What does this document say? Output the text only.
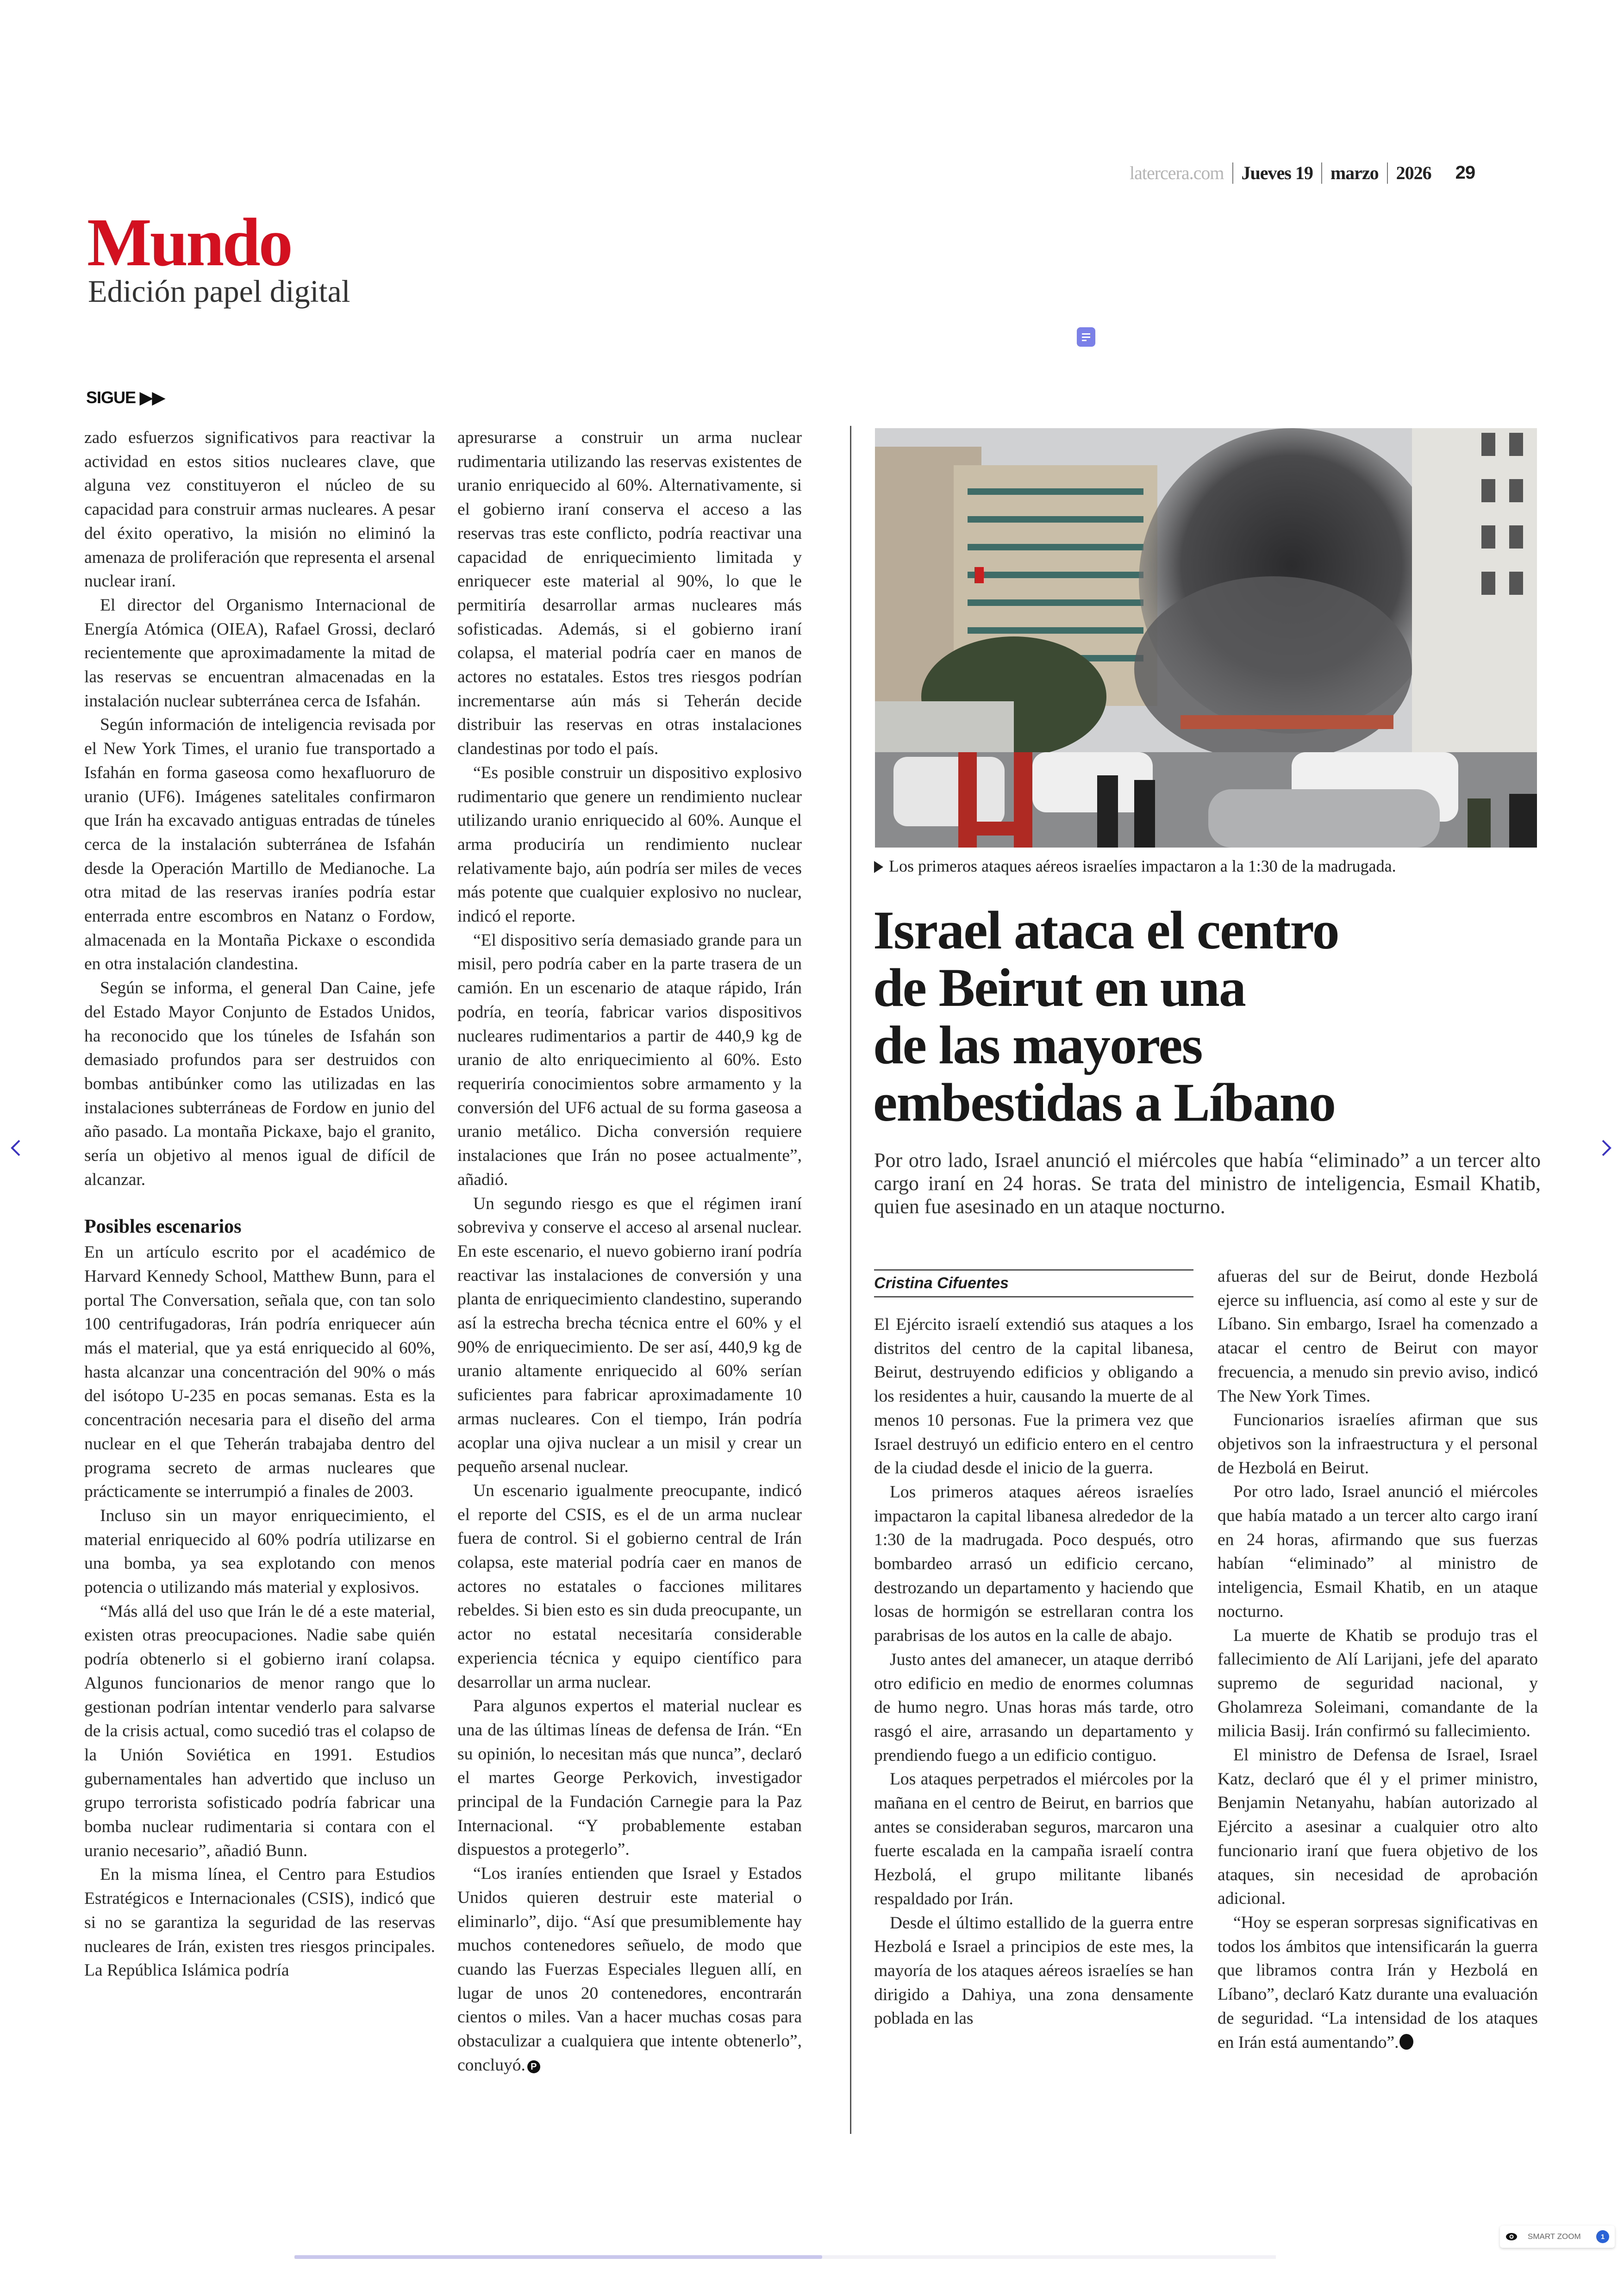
latercera.com Jueves 19 marzo 2026 29
Mundo
Edición papel digital
SIGUE ▶▶

zado esfuerzos significativos para reactivar la actividad en estos sitios nucleares clave, que alguna vez constituyeron el núcleo de su capacidad para construir armas nucleares. A pesar del éxito operativo, la misión no eliminó la amenaza de proliferación que representa el arsenal nuclear iraní.

El director del Organismo Internacional de Energía Atómica (OIEA), Rafael Grossi, declaró recientemente que aproximadamente la mitad de las reservas se encuentran almacenadas en la instalación nuclear subterránea cerca de Isfahán.

Según información de inteligencia revisada por el New York Times, el uranio fue transportado a Isfahán en forma gaseosa como hexafluoruro de uranio (UF6). Imágenes satelitales confirmaron que Irán ha excavado antiguas entradas de túneles cerca de la instalación subterránea de Isfahán desde la Operación Martillo de Medianoche. La otra mitad de las reservas iraníes podría estar enterrada entre escombros en Natanz o Fordow, almacenada en la Montaña Pickaxe o escondida en otra instalación clandestina.

Según se informa, el general Dan Caine, jefe del Estado Mayor Conjunto de Estados Unidos, ha reconocido que los túneles de Isfahán son demasiado profundos para ser destruidos con bombas antibúnker como las utilizadas en las instalaciones subterráneas de Fordow en junio del año pasado. La montaña Pickaxe, bajo el granito, sería un objetivo al menos igual de difícil de alcanzar.

Posibles escenarios

En un artículo escrito por el académico de Harvard Kennedy School, Matthew Bunn, para el portal The Conversation, señala que, con tan solo 100 centrifugadoras, Irán podría enriquecer aún más el material, que ya está enriquecido al 60%, hasta alcanzar una concentración del 90% o más del isótopo U-235 en pocas semanas. Esta es la concentración necesaria para el diseño del arma nuclear en el que Teherán trabajaba dentro del programa secreto de armas nucleares que prácticamente se interrumpió a finales de 2003.

Incluso sin un mayor enriquecimiento, el material enriquecido al 60% podría utilizarse en una bomba, ya sea explotando con menos potencia o utilizando más material y explosivos.

“Más allá del uso que Irán le dé a este material, existen otras preocupaciones. Nadie sabe quién podría obtenerlo si el gobierno iraní colapsa. Algunos funcionarios de menor rango que lo gestionan podrían intentar venderlo para salvarse de la crisis actual, como sucedió tras el colapso de la Unión Soviética en 1991. Estudios gubernamentales han advertido que incluso un grupo terrorista sofisticado podría fabricar una bomba nuclear rudimentaria si contara con el uranio necesario”, añadió Bunn.

En la misma línea, el Centro para Estudios Estratégicos e Internacionales (CSIS), indicó que si no se garantiza la seguridad de las reservas nucleares de Irán, existen tres riesgos principales. La República Islámica podría

apresurarse a construir un arma nuclear rudimentaria utilizando las reservas existentes de uranio enriquecido al 60%. Alternativamente, si el gobierno iraní conserva el acceso a las reservas tras este conflicto, podría reactivar una capacidad de enriquecimiento limitada y enriquecer este material al 90%, lo que le permitiría desarrollar armas nucleares más sofisticadas. Además, si el gobierno iraní colapsa, el material podría caer en manos de actores no estatales. Estos tres riesgos podrían incrementarse aún más si Teherán decide distribuir las reservas en otras instalaciones clandestinas por todo el país.

“Es posible construir un dispositivo explosivo rudimentario que genere un rendimiento nuclear utilizando uranio enriquecido al 60%. Aunque el arma produciría un rendimiento nuclear relativamente bajo, aún podría ser miles de veces más potente que cualquier explosivo no nuclear, indicó el reporte.

“El dispositivo sería demasiado grande para un misil, pero podría caber en la parte trasera de un camión. En un escenario de ataque rápido, Irán podría, en teoría, fabricar varios dispositivos nucleares rudimentarios a partir de 440,9 kg de uranio de alto enriquecimiento al 60%. Esto requeriría conocimientos sobre armamento y la conversión del UF6 actual de su forma gaseosa a uranio metálico. Dicha conversión requiere instalaciones que Irán no posee actualmente”, añadió.

Un segundo riesgo es que el régimen iraní sobreviva y conserve el acceso al arsenal nuclear. En este escenario, el nuevo gobierno iraní podría reactivar las instalaciones de conversión y una planta de enriquecimiento clandestino, superando así la estrecha brecha técnica entre el 60% y el 90% de enriquecimiento. De ser así, 440,9 kg de uranio altamente enriquecido al 60% serían suficientes para fabricar aproximadamente 10 armas nucleares. Con el tiempo, Irán podría acoplar una ojiva nuclear a un misil y crear un pequeño arsenal nuclear.

Un escenario igualmente preocupante, indicó el reporte del CSIS, es el de un arma nuclear fuera de control. Si el gobierno central de Irán colapsa, este material podría caer en manos de actores no estatales o facciones militares rebeldes. Si bien esto es sin duda preocupante, un actor no estatal necesitaría considerable experiencia técnica y equipo científico para desarrollar un arma nuclear.

Para algunos expertos el material nuclear es una de las últimas líneas de defensa de Irán. “En su opinión, lo necesitan más que nunca”, declaró el martes George Perkovich, investigador principal de la Fundación Carnegie para la Paz Internacional. “Y probablemente estaban dispuestos a protegerlo”.

“Los iraníes entienden que Israel y Estados Unidos quieren destruir este material o eliminarlo”, dijo. “Así que presumiblemente hay muchos contenedores señuelo, de modo que cuando las Fuerzas Especiales lleguen allí, en lugar de unos 20 contenedores, encontrarán cientos o miles. Van a hacer muchas cosas para obstaculizar a cualquiera que intente obtenerlo”, concluyó. P

Los primeros ataques aéreos israelíes impactaron a la 1:30 de la madrugada.
Israel ataca el centro
de Beirut en una
de las mayores
embestidas a Líbano
Por otro lado, Israel anunció el miércoles que había “eliminado” a un tercer alto cargo iraní en 24 horas. Se trata del ministro de inteligencia, Esmail Khatib, quien fue asesinado en un ataque nocturno.
Cristina Cifuentes

El Ejército israelí extendió sus ataques a los distritos del centro de la capital libanesa, Beirut, destruyendo edificios y obligando a los residentes a huir, causando la muerte de al menos 10 personas. Fue la primera vez que Israel destruyó un edificio entero en el centro de la ciudad desde el inicio de la guerra.

Los primeros ataques aéreos israelíes impactaron la capital libanesa alrededor de la 1:30 de la madrugada. Poco después, otro bombardeo arrasó un edificio cercano, destrozando un departamento y haciendo que losas de hormigón se estrellaran contra los parabrisas de los autos en la calle de abajo.

Justo antes del amanecer, un ataque derribó otro edificio en medio de enormes columnas de humo negro. Unas horas más tarde, otro rasgó el aire, arrasando un departamento y prendiendo fuego a un edificio contiguo.

Los ataques perpetrados el miércoles por la mañana en el centro de Beirut, en barrios que antes se consideraban seguros, marcaron una fuerte escalada en la campaña israelí contra Hezbolá, el grupo militante libanés respaldado por Irán.

Desde el último estallido de la guerra entre Hezbolá e Israel a principios de este mes, la mayoría de los ataques aéreos israelíes se han dirigido a Dahiya, una zona densamente poblada en las

afueras del sur de Beirut, donde Hezbolá ejerce su influencia, así como al este y sur de Líbano. Sin embargo, Israel ha comenzado a atacar el centro de Beirut con mayor frecuencia, a menudo sin previo aviso, indicó The New York Times.

Funcionarios israelíes afirman que sus objetivos son la infraestructura y el personal de Hezbolá en Beirut.

Por otro lado, Israel anunció el miércoles que había matado a un tercer alto cargo iraní en 24 horas, afirmando que sus fuerzas habían “eliminado” al ministro de inteligencia, Esmail Khatib, en un ataque nocturno.

La muerte de Khatib se produjo tras el fallecimiento de Alí Larijani, jefe del aparato supremo de seguridad nacional, y Gholamreza Soleimani, comandante de la milicia Basij. Irán confirmó su fallecimiento.

El ministro de Defensa de Israel, Israel Katz, declaró que él y el primer ministro, Benjamin Netanyahu, habían autorizado al Ejército a asesinar a cualquier otro alto funcionario iraní que fuera objetivo de los ataques, sin necesidad de aprobación adicional.

“Hoy se esperan sorpresas significativas en todos los ámbitos que intensificarán la guerra que libramos contra Irán y Hezbolá en Líbano”, declaró Katz durante una evaluación de seguridad. “La intensidad de los ataques en Irán está aumentando”.

SMART ZOOM	1
